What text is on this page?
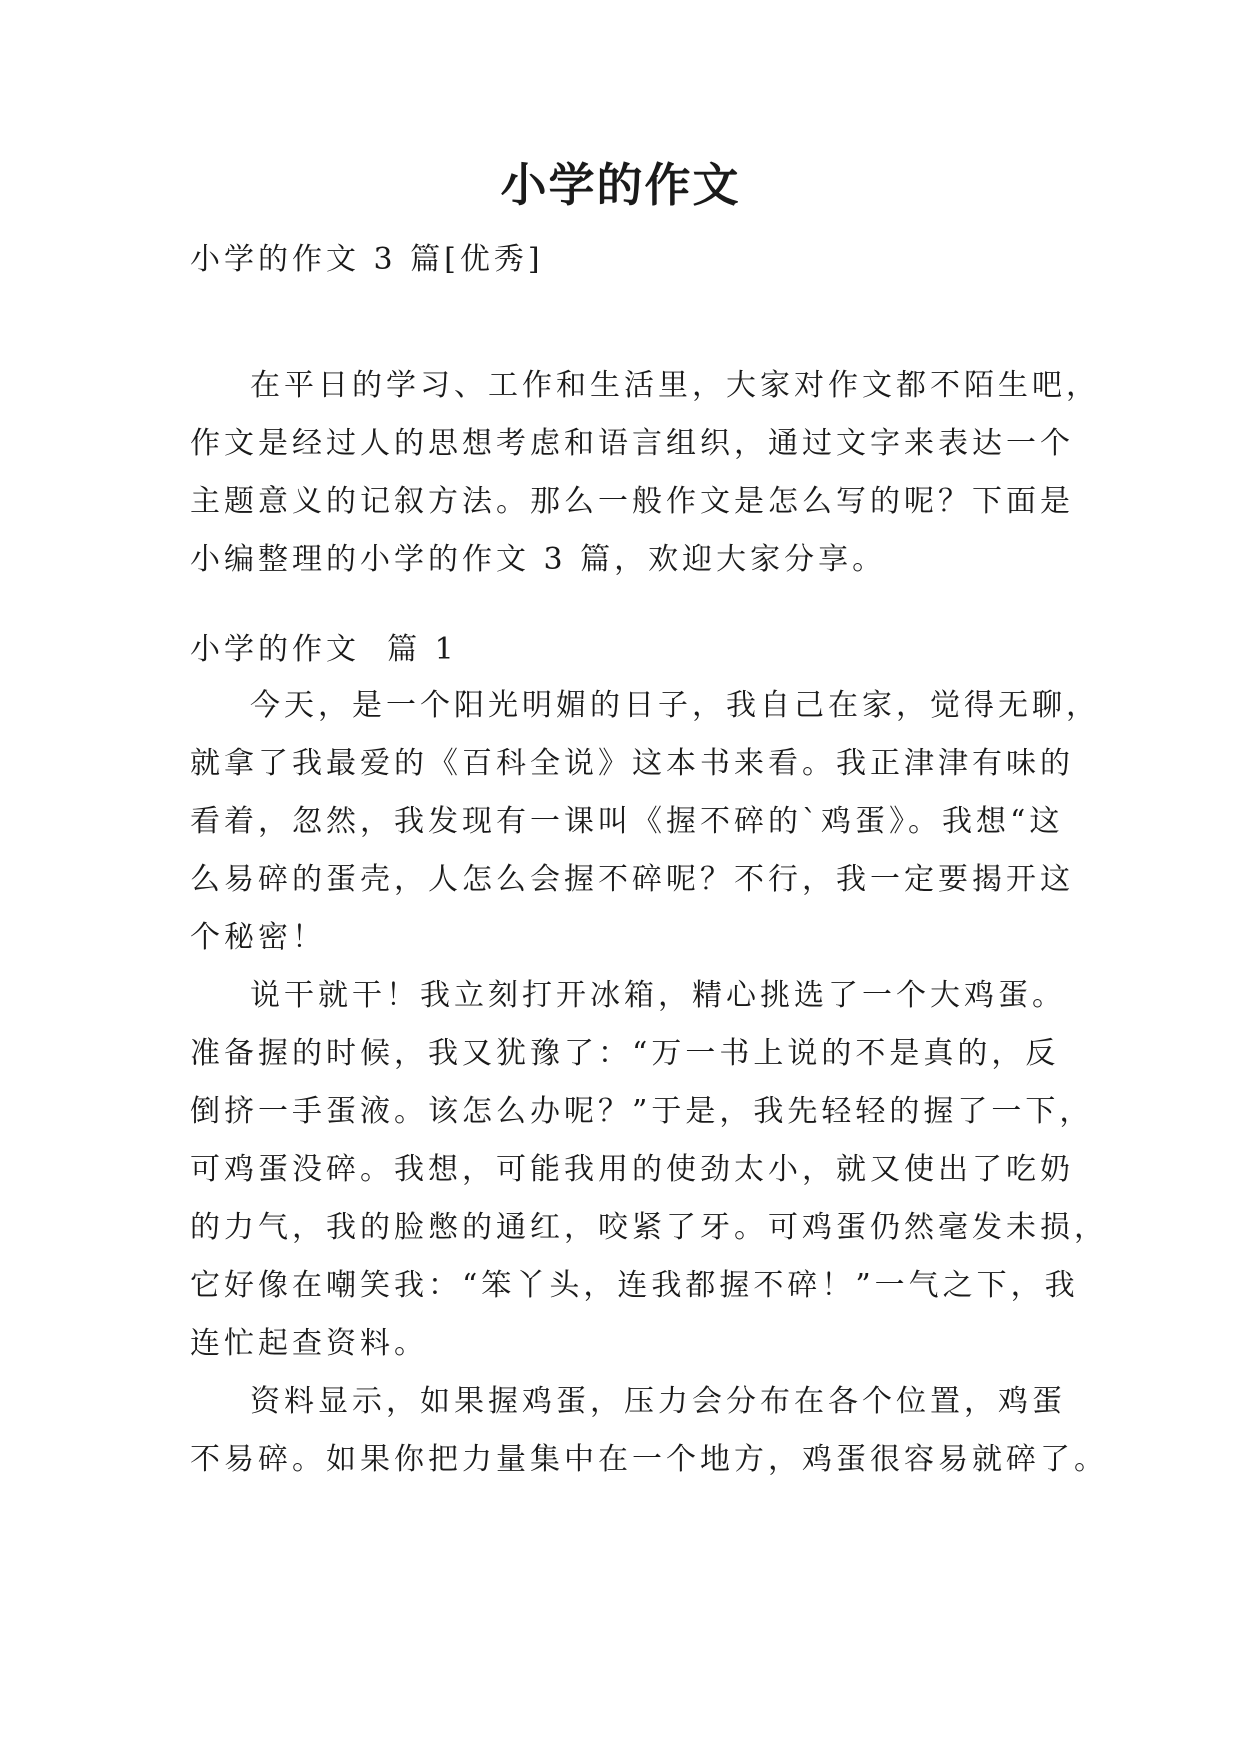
小学的作文

小学的作文 3 篇[优秀]

在平日的学习、工作和生活里，大家对作文都不陌生吧，

作文是经过人的思想考虑和语言组织，通过文字来表达一个

主题意义的记叙方法。那么一般作文是怎么写的呢？下面是

小编整理的小学的作文 3 篇，欢迎大家分享。

小学的作文  篇 1

今天，是一个阳光明媚的日子，我自己在家，觉得无聊，

就拿了我最爱的《百科全说》这本书来看。我正津津有味的

看着，忽然，我发现有一课叫《握不碎的`鸡蛋》。我想“这

么易碎的蛋壳，人怎么会握不碎呢？不行，我一定要揭开这

个秘密！

说干就干！我立刻打开冰箱，精心挑选了一个大鸡蛋。

准备握的时候，我又犹豫了：“万一书上说的不是真的，反

倒挤一手蛋液。该怎么办呢？”于是，我先轻轻的握了一下，

可鸡蛋没碎。我想，可能我用的使劲太小，就又使出了吃奶

的力气，我的脸憋的通红，咬紧了牙。可鸡蛋仍然毫发未损，

它好像在嘲笑我：“笨丫头，连我都握不碎！”一气之下，我

连忙起查资料。

资料显示，如果握鸡蛋，压力会分布在各个位置，鸡蛋

不易碎。如果你把力量集中在一个地方，鸡蛋很容易就碎了。
